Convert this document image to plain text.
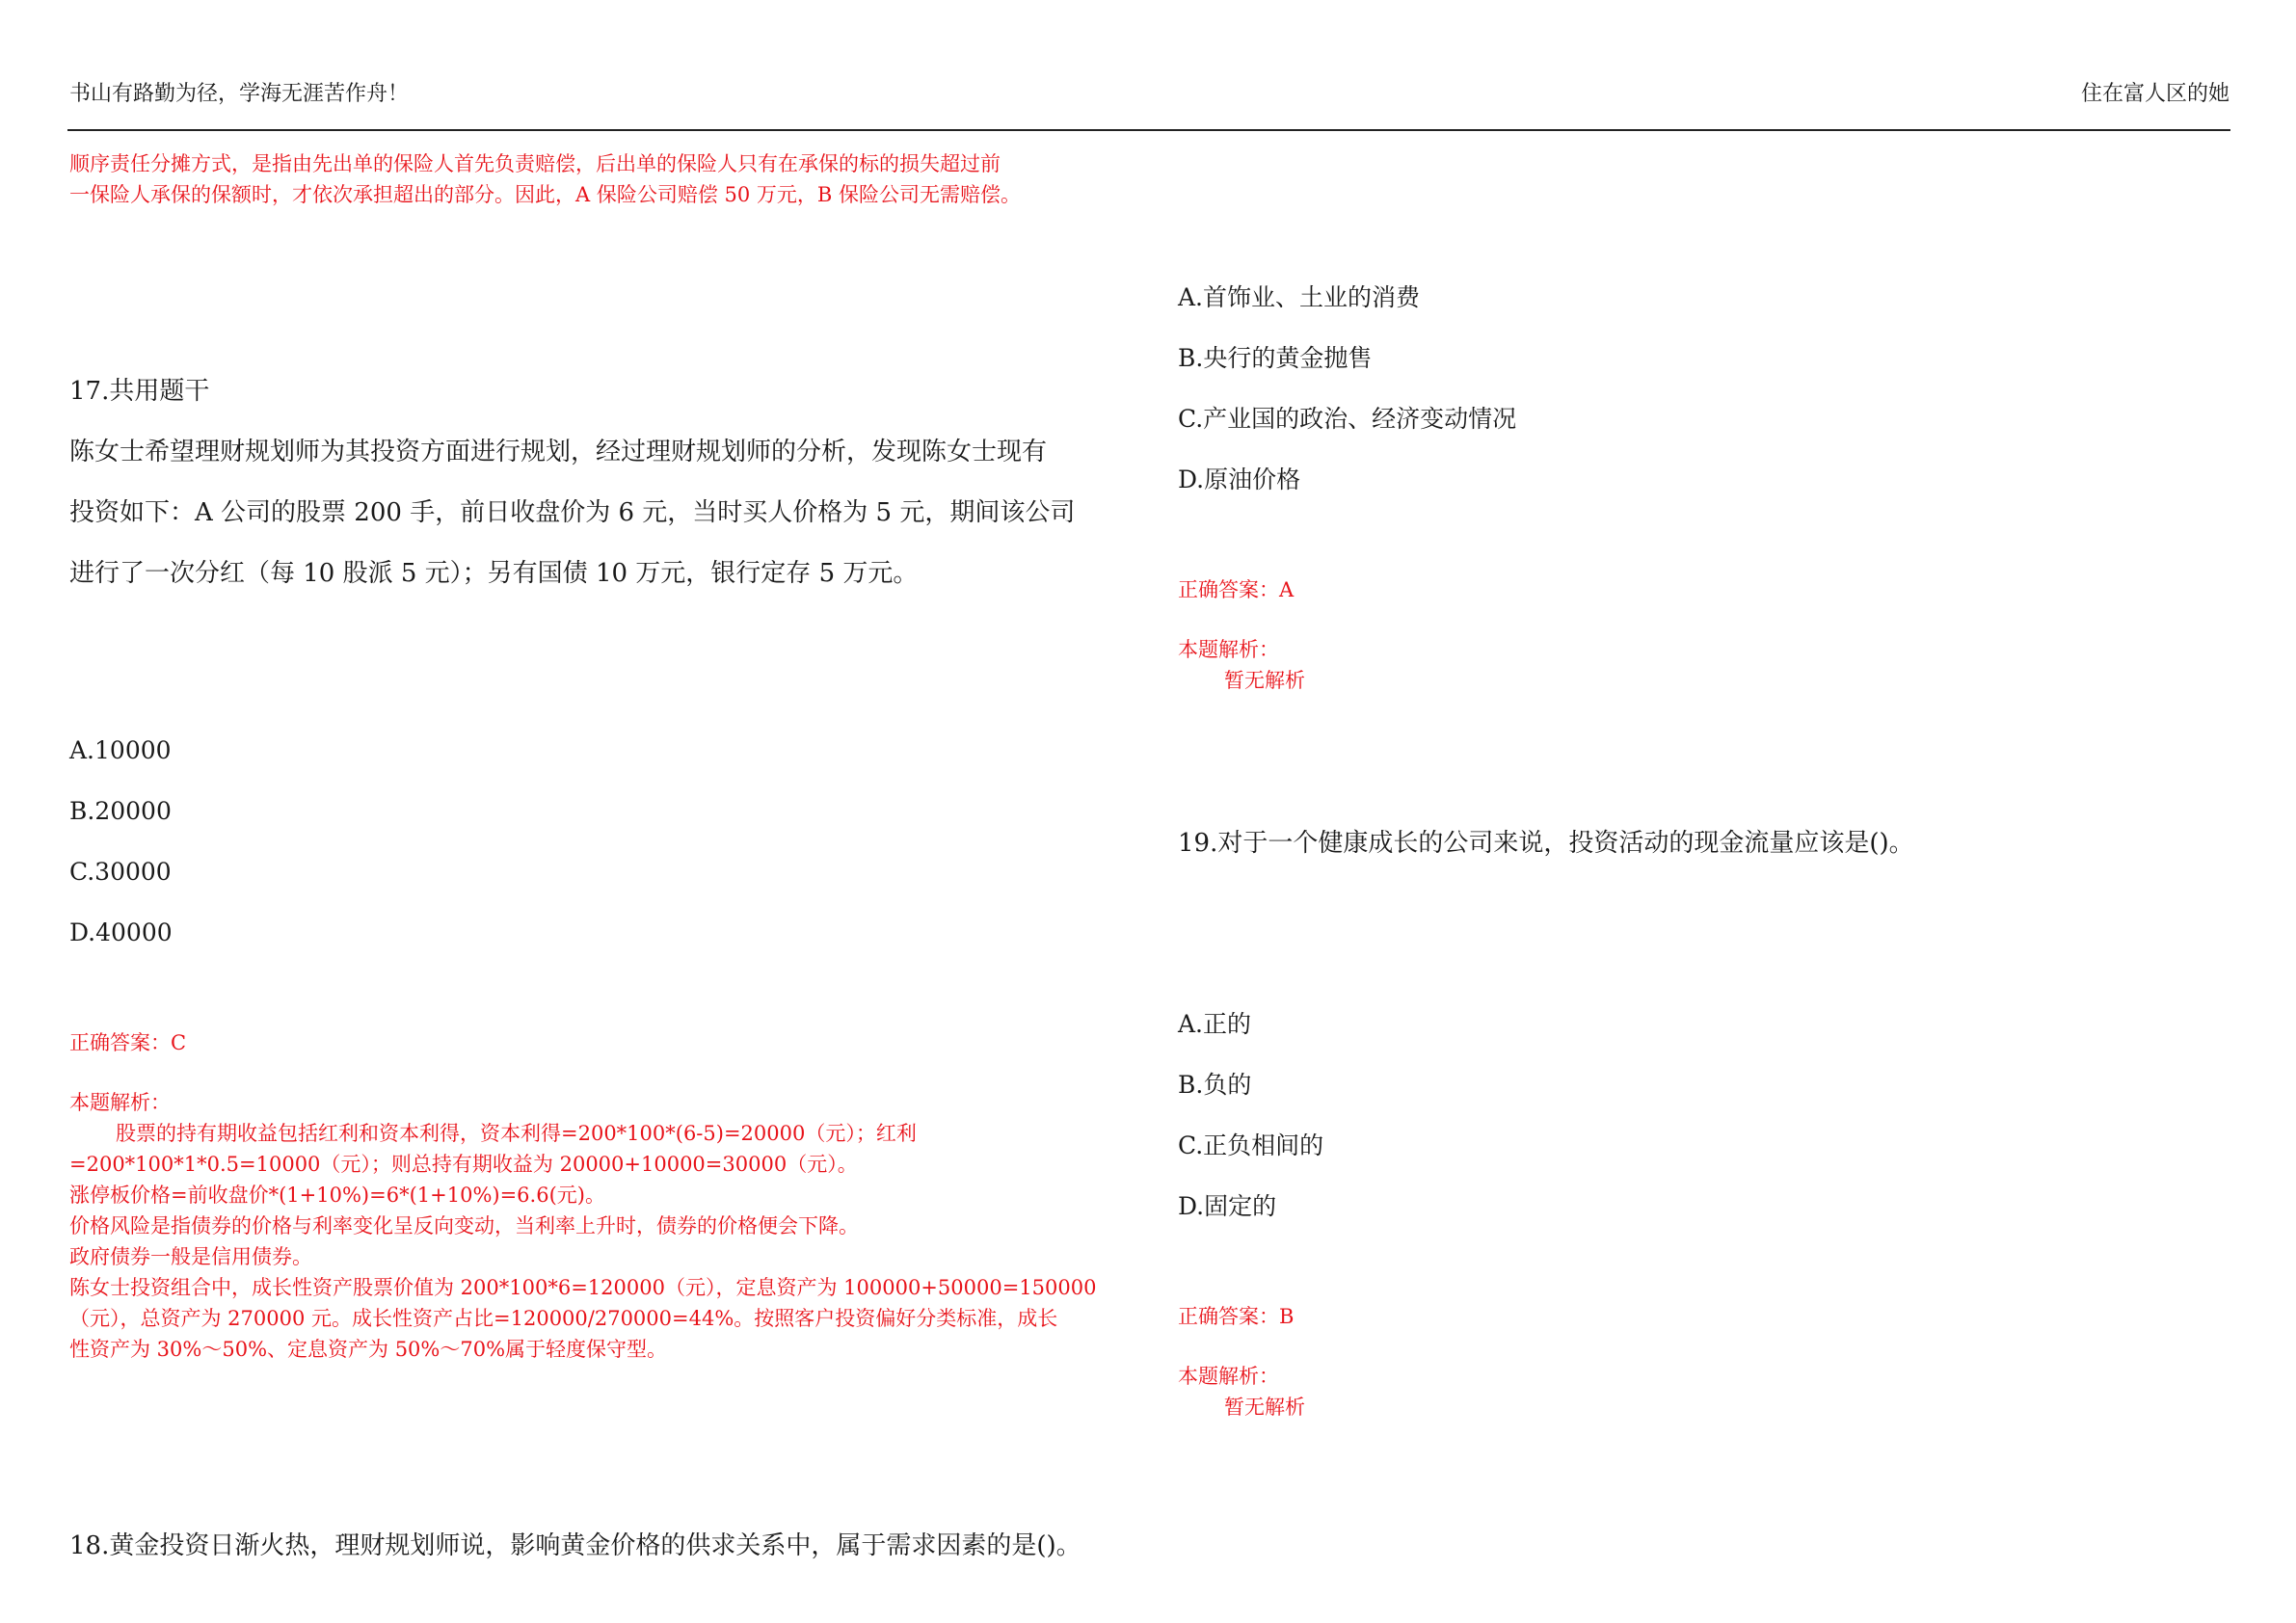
书山有路勤为径，学海无涯苦作舟！	住在富人区的她
顺序责任分摊方式，是指由先出单的保险人首先负责赔偿，后出单的保险人只有在承保的标的损失超过前
一保险人承保的保额时，才依次承担超出的部分。因此，A 保险公司赔偿 50 万元，B 保险公司无需赔偿。
17.共用题干
陈女士希望理财规划师为其投资方面进行规划，经过理财规划师的分析，发现陈女士现有
投资如下：A 公司的股票 200 手，前日收盘价为 6 元，当时买人价格为 5 元，期间该公司
进行了一次分红（每 10 股派 5 元）；另有国债 10 万元，银行定存 5 万元。
A.10000
B.20000
C.30000
D.40000
正确答案：C
本题解析：
股票的持有期收益包括红利和资本利得，资本利得=200*100*(6-5)=20000（元）；红利
=200*100*1*0.5=10000（元）；则总持有期收益为 20000+10000=30000（元）。
涨停板价格=前收盘价*(1+10%)=6*(1+10%)=6.6(元)。
价格风险是指债券的价格与利率变化呈反向变动，当利率上升时，债券的价格便会下降。
政府债券一般是信用债券。
陈女士投资组合中，成长性资产股票价值为 200*100*6=120000（元），定息资产为 100000+50000=150000
（元），总资产为 270000 元。成长性资产占比=120000/270000=44%。按照客户投资偏好分类标准，成长
性资产为 30%～50%、定息资产为 50%～70%属于轻度保守型。
18.黄金投资日渐火热，理财规划师说，影响黄金价格的供求关系中，属于需求因素的是()。
A.首饰业、土业的消费
B.央行的黄金抛售
C.产业国的政治、经济变动情况
D.原油价格
正确答案：A
本题解析：
暂无解析
19.对于一个健康成长的公司来说，投资活动的现金流量应该是()。
A.正的
B.负的
C.正负相间的
D.固定的
正确答案：B
本题解析：
暂无解析
